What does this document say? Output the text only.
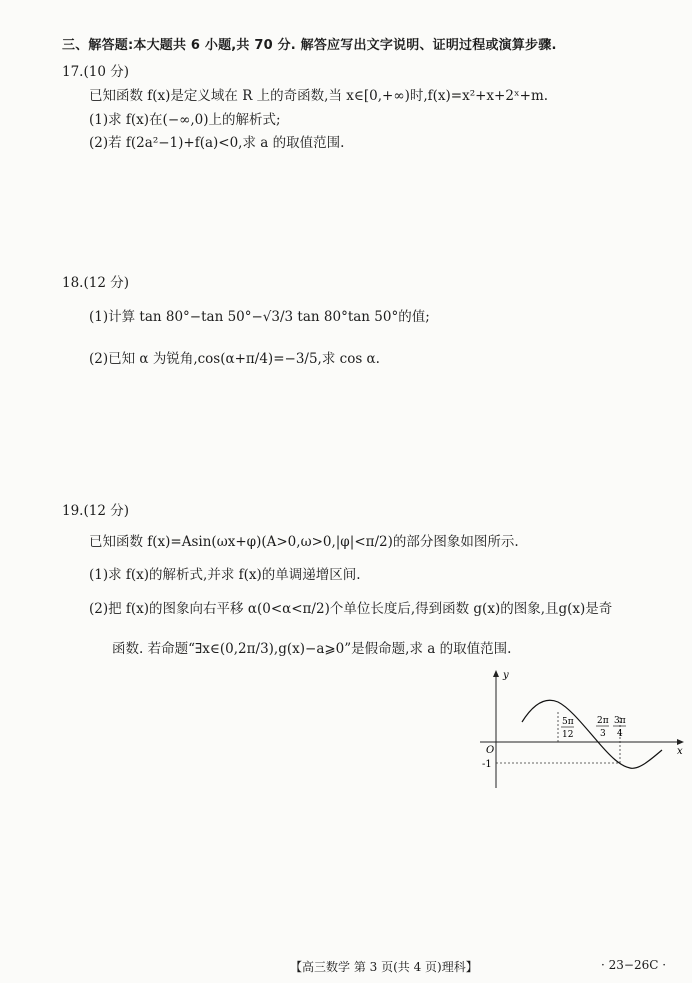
三、解答题:本大题共 6 小题,共 70 分. 解答应写出文字说明、证明过程或演算步骤.
17.(10 分)
已知函数 f(x)是定义域在 R 上的奇函数,当 x∈[0,+∞)时,f(x)=x²+x+2ˣ+m.
(1)求 f(x)在(−∞,0)上的解析式;
(2)若 f(2a²−1)+f(a)<0,求 a 的取值范围.
18.(12 分)
(1)计算 tan 80°−tan 50°−√3/3 tan 80°tan 50°的值;
(2)已知 α 为锐角,cos(α+π/4)=−3/5,求 cos α.
19.(12 分)
已知函数 f(x)=Asin(ωx+φ)(A>0,ω>0,|φ|<π/2)的部分图象如图所示.
(1)求 f(x)的解析式,并求 f(x)的单调递增区间.
(2)把 f(x)的图象向右平移 α(0<α<π/2)个单位长度后,得到函数 g(x)的图象,且g(x)是奇
函数. 若命题“∃x∈(0,2π/3),g(x)−a⩾0”是假命题,求 a 的取值范围.
y
x
O
-1
5π
12
2π
3
3π
4
【高三数学 第 3 页(共 4 页)理科】	· 23−26C ·
